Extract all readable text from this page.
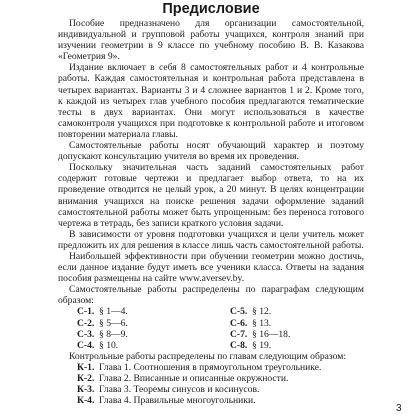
Предисловие

Пособие предназначено для организации самостоятельной, индивидуальной и групповой работы учащихся, контроля знаний при изучении геометрии в 9 классе по учебному пособию В. В. Казакова «Геометрия 9».

Издание включает в себя 8 самостоятельных работ и 4 контрольные работы. Каждая самостоятельная и контрольная работа представлена в четырех вариантах. Варианты 3 и 4 сложнее вариантов 1 и 2. Кроме того, к каждой из четырех глав учебного пособия предлагаются тематические тесты в двух вариантах. Они могут использоваться в качестве самоконтроля учащихся при подготовке к контрольной работе и итоговом повторении материала главы.

Самостоятельные работы носят обучающий характер и поэтому допускают консультацию учителя во время их проведения.

Поскольку значительная часть заданий самостоятельных работ содержит готовые чертежи и предлагает выбор ответа, то на их проведение отводится не целый урок, а 20 минут. В целях концентрации внимания учащихся на поиске решения задачи оформление заданий самостоятельной работы может быть упрощенным: без переноса готового чертежа в тетрадь, без записи краткого условия задачи.

В зависимости от уровня подготовки учащихся и цели учитель может предложить их для решения в классе лишь часть самостоятельной работы.

Наибольшей эффективности при обучении геометрии можно достичь, если данное издание будут иметь все ученики класса. Ответы на задания пособия размещены на сайте www.aversev.by.

Самостоятельные работы распределены по параграфам следующим образом:

С-1. § 1—4.	С-5. § 12.
С-2. § 5—6.	С-6. § 13.
С-3. § 8—9.	С-7. § 16—18.
С-4. § 10.	С-8. § 19.

Контрольные работы распределены по главам следующим образом:

К-1. Глава 1. Соотношения в прямоугольном треугольнике.
К-2. Глава 2. Вписанные и описанные окружности.
К-3. Глава 3. Теоремы синусов и косинусов.
К-4. Глава 4. Правильные многоугольники.
3
